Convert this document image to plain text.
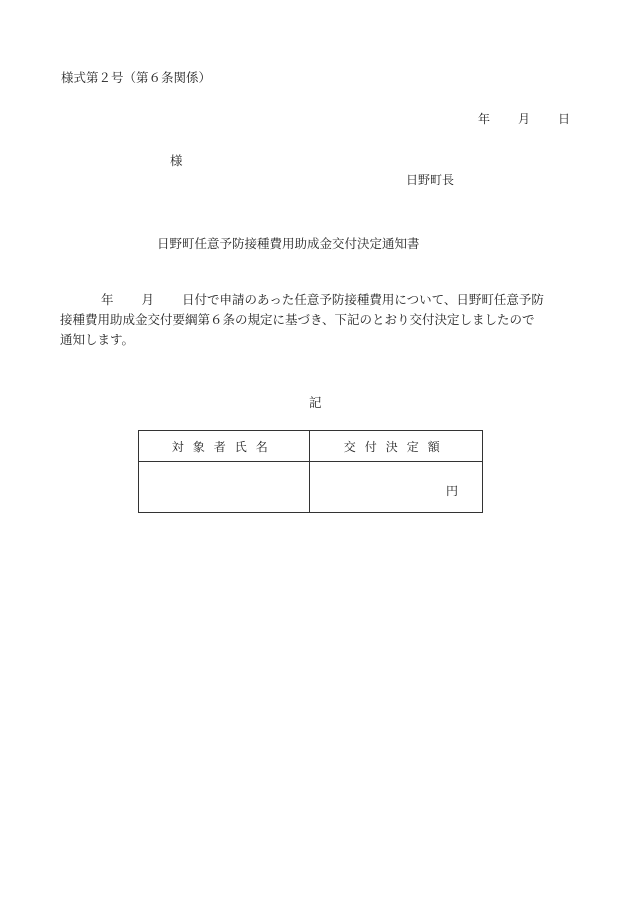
様式第２号（第６条関係）
年 月 日
様
日野町長
日野町任意予防接種費用助成金交付決定通知書
年 月 日付で申請のあった任意予防接種費用について、日野町任意予防
接種費用助成金交付要綱第６条の規定に基づき、下記のとおり交付決定しましたので
通知します。
記
対象者氏名	交付決定額

	円
